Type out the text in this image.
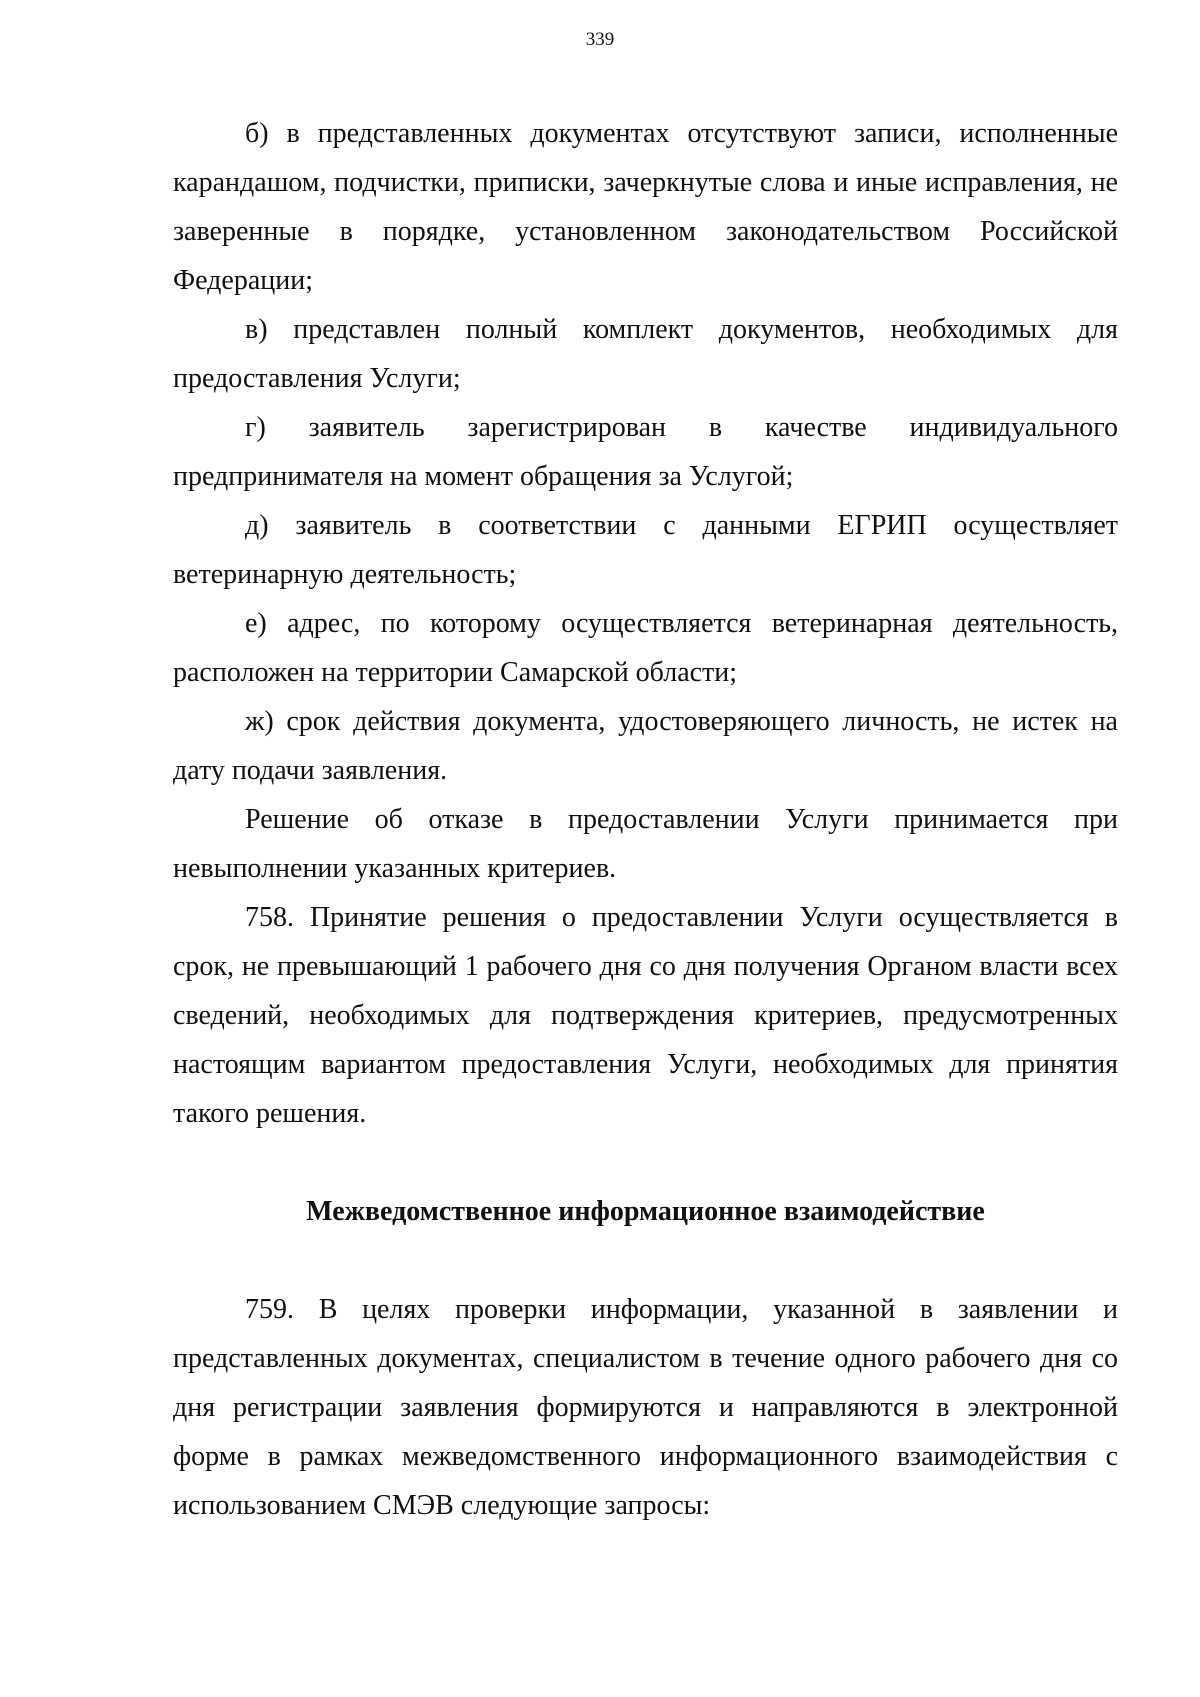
339

б) в представленных документах отсутствуют записи, исполненные карандашом, подчистки, приписки, зачеркнутые слова и иные исправления, не заверенные в порядке, установленном законодательством Российской Федерации;

в) представлен полный комплект документов, необходимых для предоставления Услуги;

г) заявитель зарегистрирован в качестве индивидуального предпринимателя на момент обращения за Услугой;

д) заявитель в соответствии с данными ЕГРИП осуществляет ветеринарную деятельность;

е) адрес, по которому осуществляется ветеринарная деятельность, расположен на территории Самарской области;

ж) срок действия документа, удостоверяющего личность, не истек на дату подачи заявления.

Решение об отказе в предоставлении Услуги принимается при невыполнении указанных критериев.

758. Принятие решения о предоставлении Услуги осуществляется в срок, не превышающий 1 рабочего дня со дня получения Органом власти всех сведений, необходимых для подтверждения критериев, предусмотренных настоящим вариантом предоставления Услуги, необходимых для принятия такого решения.

Межведомственное информационное взаимодействие

759. В целях проверки информации, указанной в заявлении и представленных документах, специалистом в течение одного рабочего дня со дня регистрации заявления формируются и направляются в электронной форме в рамках межведомственного информационного взаимодействия с использованием СМЭВ следующие запросы:
